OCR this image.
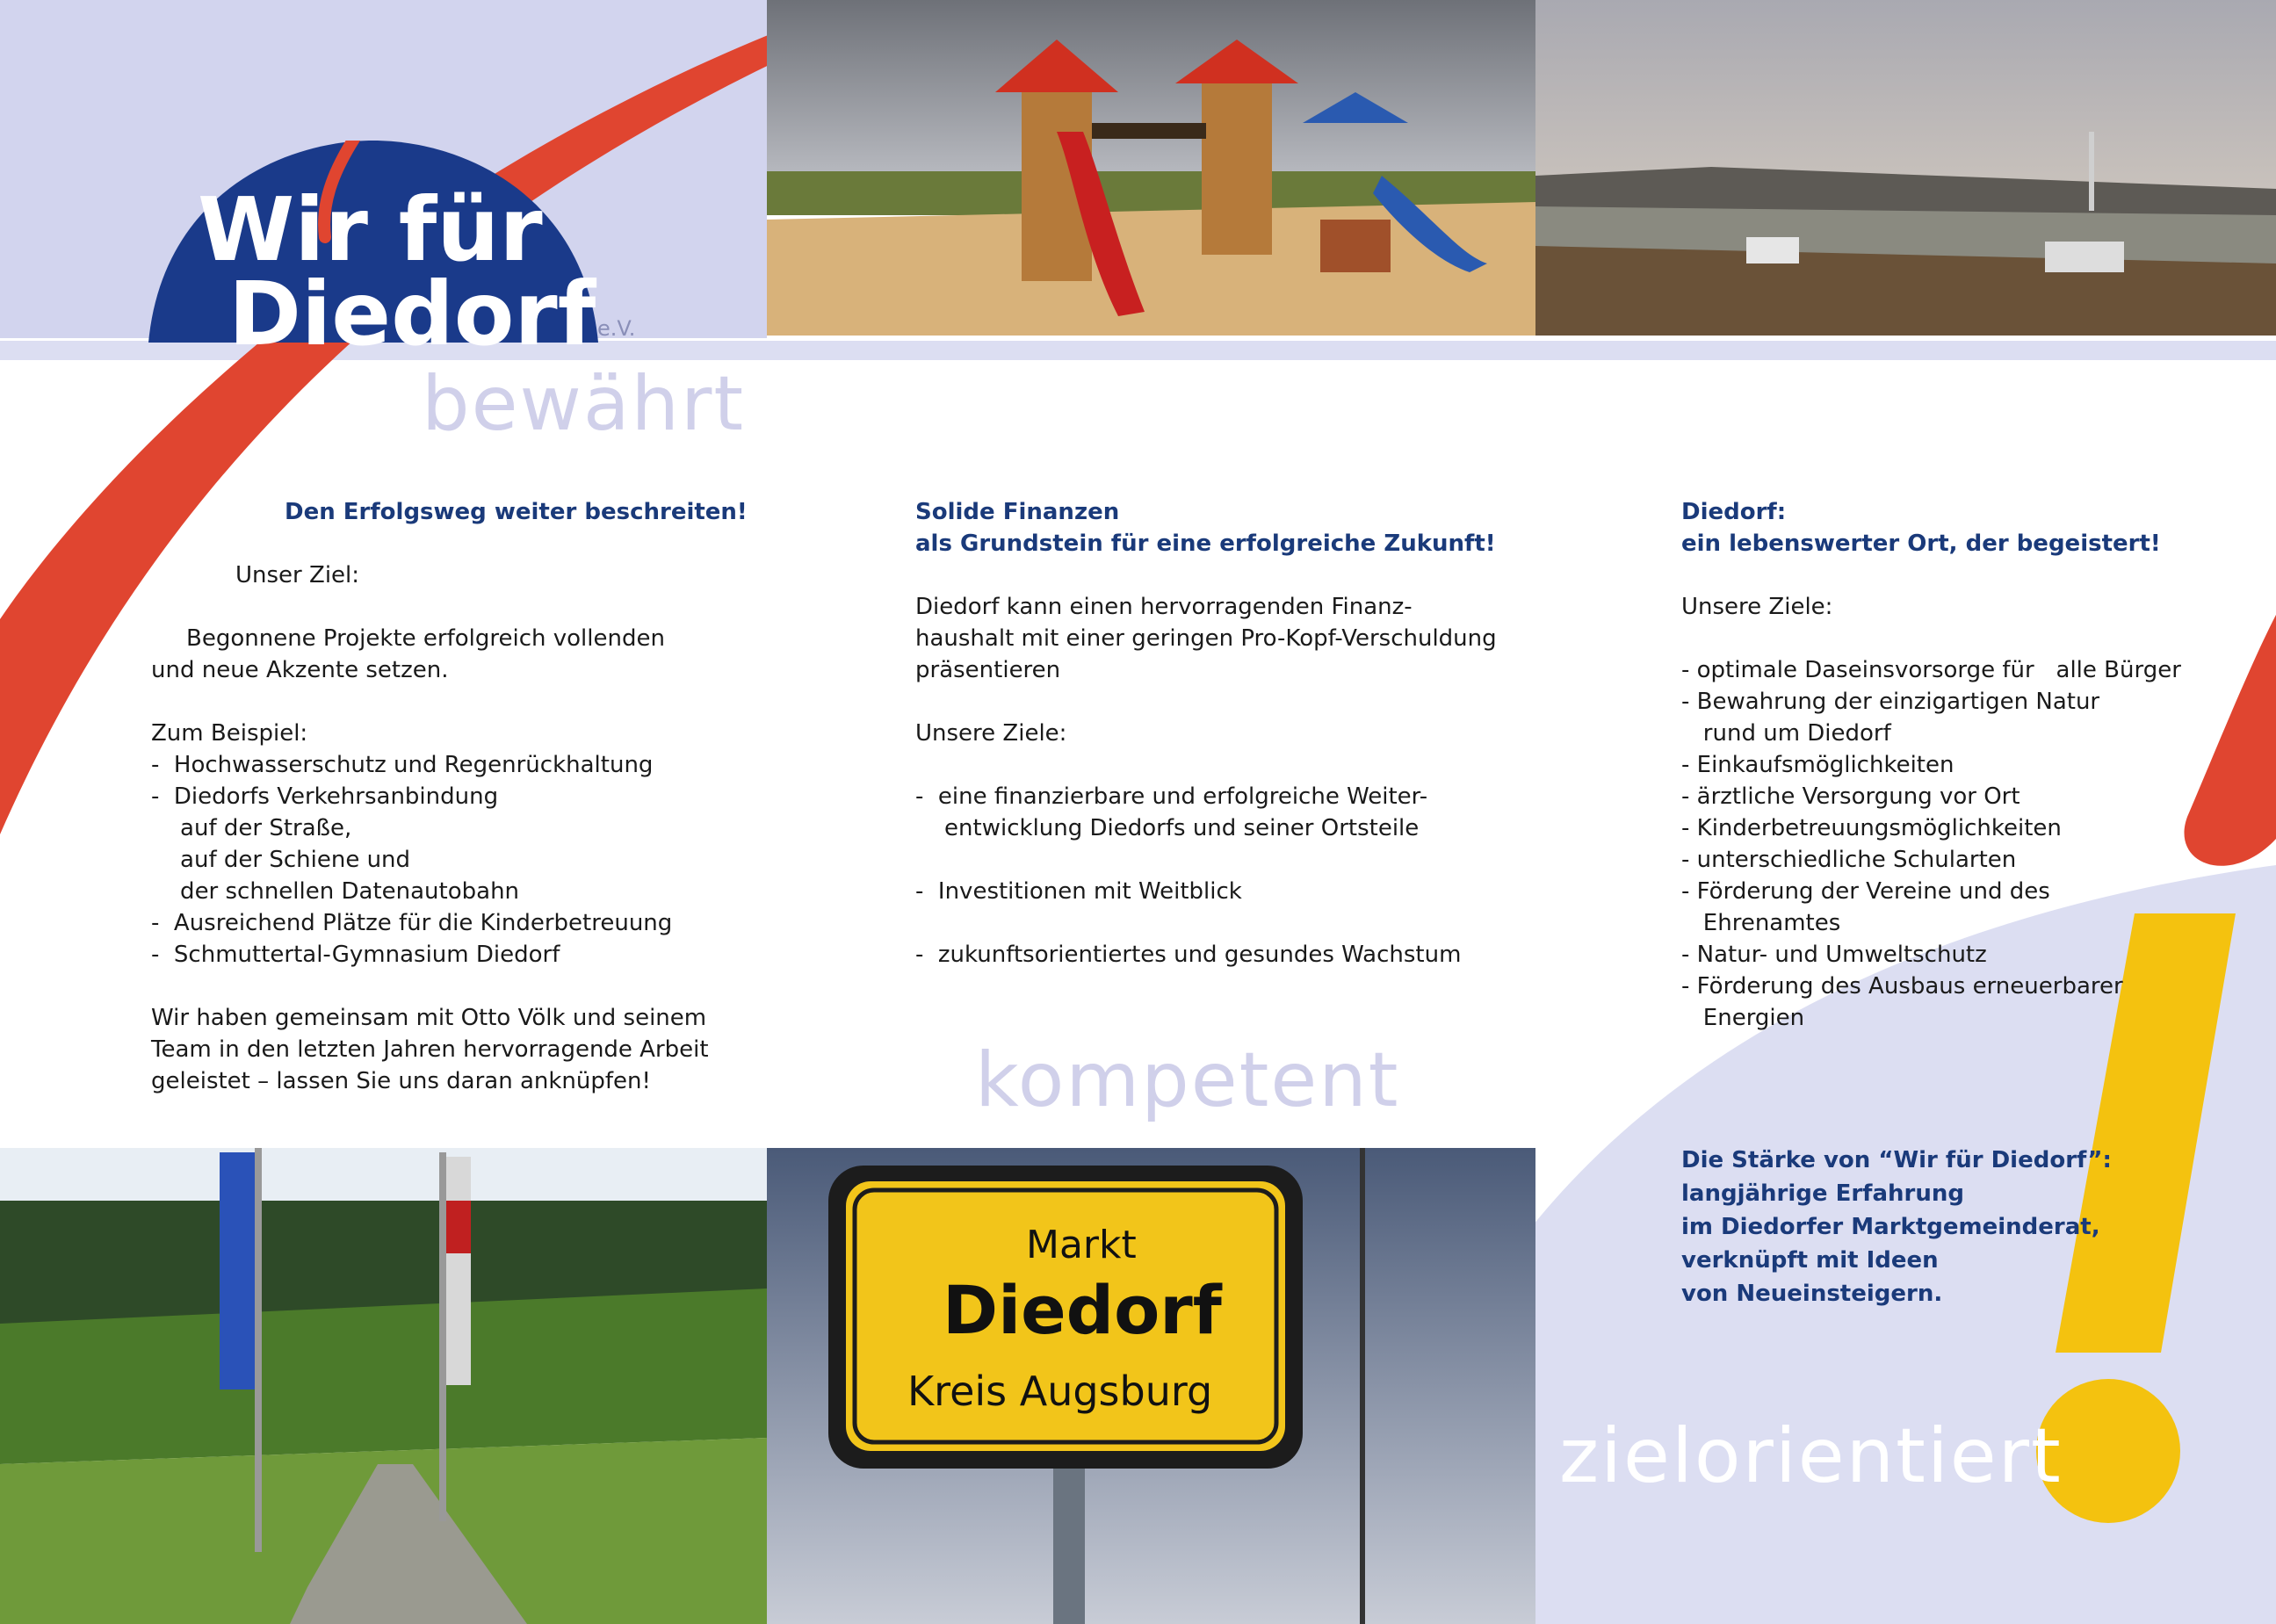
Wir für
Diedorf e.V.
Markt
Diedorf
Kreis Augsburg
bewährt
kompetent
zielorientiert

Den Erfolgsweg weiter beschreiten!

Unser Ziel:

Begonnene Projekte erfolgreich vollenden

und neue Akzente setzen.

Zum Beispiel:

-  Hochwasserschutz und Regenrückhaltung

-  Diedorfs Verkehrsanbindung

auf der Straße,

auf der Schiene und

der schnellen Datenautobahn

-  Ausreichend Plätze für die Kinderbetreuung

-  Schmuttertal-Gymnasium Diedorf

Wir haben gemeinsam mit Otto Völk und seinem

Team in den letzten Jahren hervorragende Arbeit

geleistet – lassen Sie uns daran anknüpfen!

Solide Finanzen

als Grundstein für eine erfolgreiche Zukunft!

Diedorf kann einen hervorragenden Finanz-

haushalt mit einer geringen Pro-Kopf-Verschuldung

präsentieren

Unsere Ziele:

-  eine finanzierbare und erfolgreiche Weiter-

entwicklung Diedorfs und seiner Ortsteile

-  Investitionen mit Weitblick

-  zukunftsorientiertes und gesundes Wachstum

Diedorf:

ein lebenswerter Ort, der begeistert!

Unsere Ziele:

- optimale Daseinsvorsorge für   alle Bürger

- Bewahrung der einzigartigen Natur

rund um Diedorf

- Einkaufsmöglichkeiten

- ärztliche Versorgung vor Ort

- Kinderbetreuungsmöglichkeiten

- unterschiedliche Schularten

- Förderung der Vereine und des

Ehrenamtes

- Natur- und Umweltschutz

- Förderung des Ausbaus erneuerbarer

Energien

Die Stärke von “Wir für Diedorf”:

langjährige Erfahrung

im Diedorfer Marktgemeinderat,

verknüpft mit Ideen

von Neueinsteigern.
